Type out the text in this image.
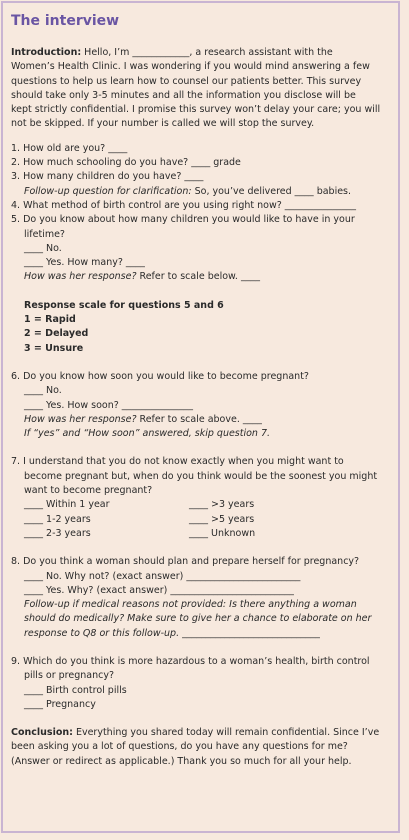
The interview

Introduction: Hello, I’m ____________, a research assistant with the

Women’s Health Clinic. I was wondering if you would mind answering a few

questions to help us learn how to counsel our patients better. This survey

should take only 3-5 minutes and all the information you disclose will be

kept strictly confidential. I promise this survey won’t delay your care; you will

not be skipped. If your number is called we will stop the survey.

1. How old are you? ____

2. How much schooling do you have? ____ grade

3. How many children do you have? ____

Follow-up question for clarification: So, you’ve delivered ____ babies.

4. What method of birth control are you using right now? _______________

5. Do you know about how many children you would like to have in your

lifetime?

____ No.

____ Yes. How many? ____

How was her response? Refer to scale below. ____

Response scale for questions 5 and 6

1 = Rapid

2 = Delayed

3 = Unsure

6. Do you know how soon you would like to become pregnant?

____ No.

____ Yes. How soon? _______________

How was her response? Refer to scale above. ____

If “yes” and “How soon” answered, skip question 7.

7. I understand that you do not know exactly when you might want to

become pregnant but, when do you think would be the soonest you might

want to become pregnant?

____ Within 1 year

____ 1-2 years

____ 2-3 years

____ >3 years

____ >5 years

____ Unknown

8. Do you think a woman should plan and prepare herself for pregnancy?

____ No. Why not? (exact answer) ________________________

____ Yes. Why? (exact answer) __________________________

Follow-up if medical reasons not provided: Is there anything a woman

should do medically? Make sure to give her a chance to elaborate on her

response to Q8 or this follow-up. _____________________________

9. Which do you think is more hazardous to a woman’s health, birth control

pills or pregnancy?

____ Birth control pills

____ Pregnancy

Conclusion: Everything you shared today will remain confidential. Since I’ve

been asking you a lot of questions, do you have any questions for me?

(Answer or redirect as applicable.) Thank you so much for all your help.
